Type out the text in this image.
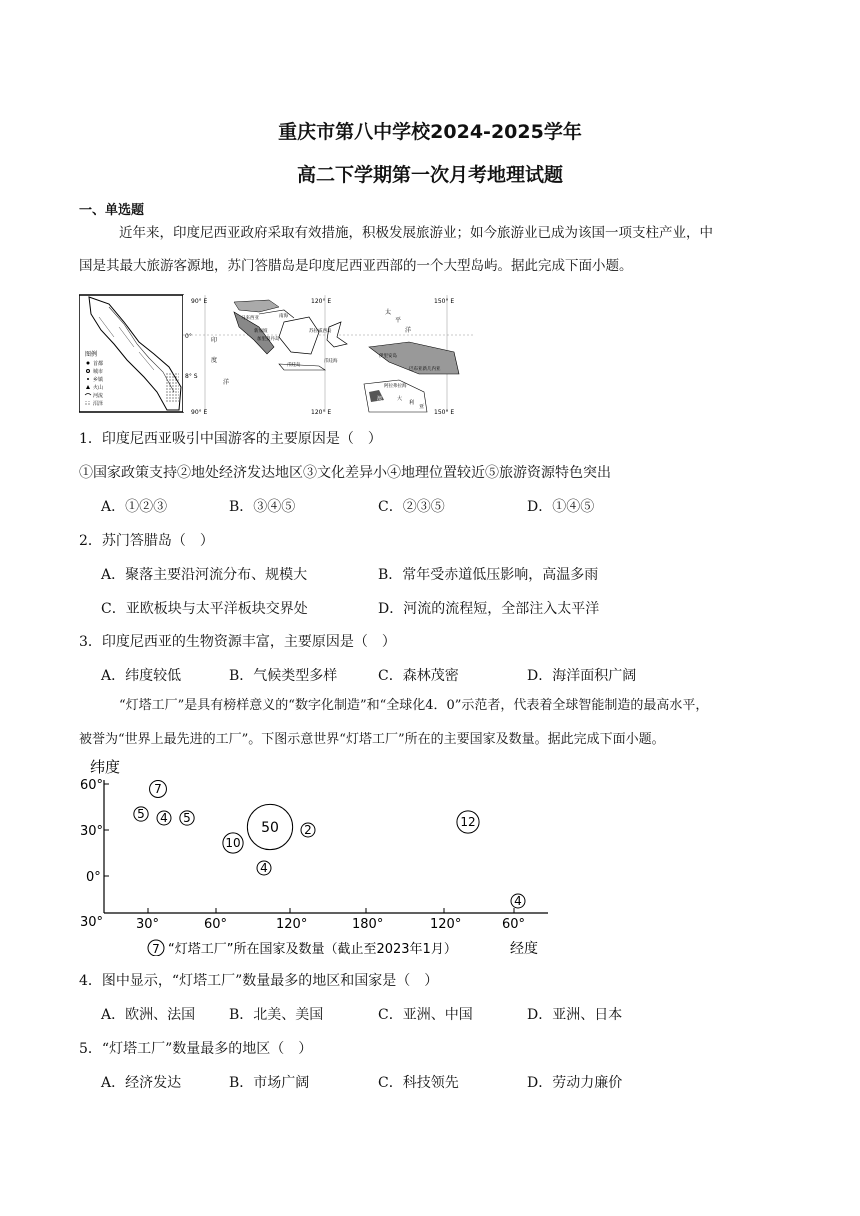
重庆市第八中学校2024-2025学年
高二下学期第一次月考地理试题
一、单选题
近年来，印度尼西亚政府采取有效措施，积极发展旅游业；如今旅游业已成为该国一项支柱产业，中
国是其最大旅游客源地，苏门答腊岛是印度尼西亚西部的一个大型岛屿。据此完成下面小题。
图例
首都
城市
乡镇
火山
河流
沼泽
90° E	120° E	150° E
90° E	120° E	150° E
0°
8° S
太
平
洋
印
度
洋
马来西亚	南海
新加坡
加里曼丹岛
苏拉威西岛
爪哇岛
巴布亚新几内亚
阿拉弗拉海
爪哇海
伊里安岛
澳	大
利
亚
1．印度尼西亚吸引中国游客的主要原因是（　）
①国家政策支持②地处经济发达地区③文化差异小④地理位置较近⑤旅游资源特色突出
A．①②③	B．③④⑤	C．②③⑤	D．①④⑤
2．苏门答腊岛（　）
A．聚落主要沿河流分布、规模大	B．常年受赤道低压影响，高温多雨
C．亚欧板块与太平洋板块交界处	D．河流的流程短，全部注入太平洋
3．印度尼西亚的生物资源丰富，主要原因是（　）
A．纬度较低	B．气候类型多样	C．森林茂密	D．海洋面积广阔
“灯塔工厂”是具有榜样意义的“数字化制造”和“全球化4．0”示范者，代表着全球智能制造的最高水平，
被誉为“世界上最先进的工厂”。下图示意世界“灯塔工厂”所在的主要国家及数量。据此完成下面小题。
纬度
60°
30°
0°
30°	30°	60°	120°	180°	120°	60°
7
5 4 5
10
50 2
4
12
4
7 “灯塔工厂”所在国家及数量（截止至2023年1月）	经度
4．图中显示，“灯塔工厂”数量最多的地区和国家是（　）
A．欧洲、法国 B．北美、美国	C．亚洲、中国	D．亚洲、日本
5．“灯塔工厂”数量最多的地区（　）
A．经济发达	B．市场广阔	C．科技领先	D．劳动力廉价
